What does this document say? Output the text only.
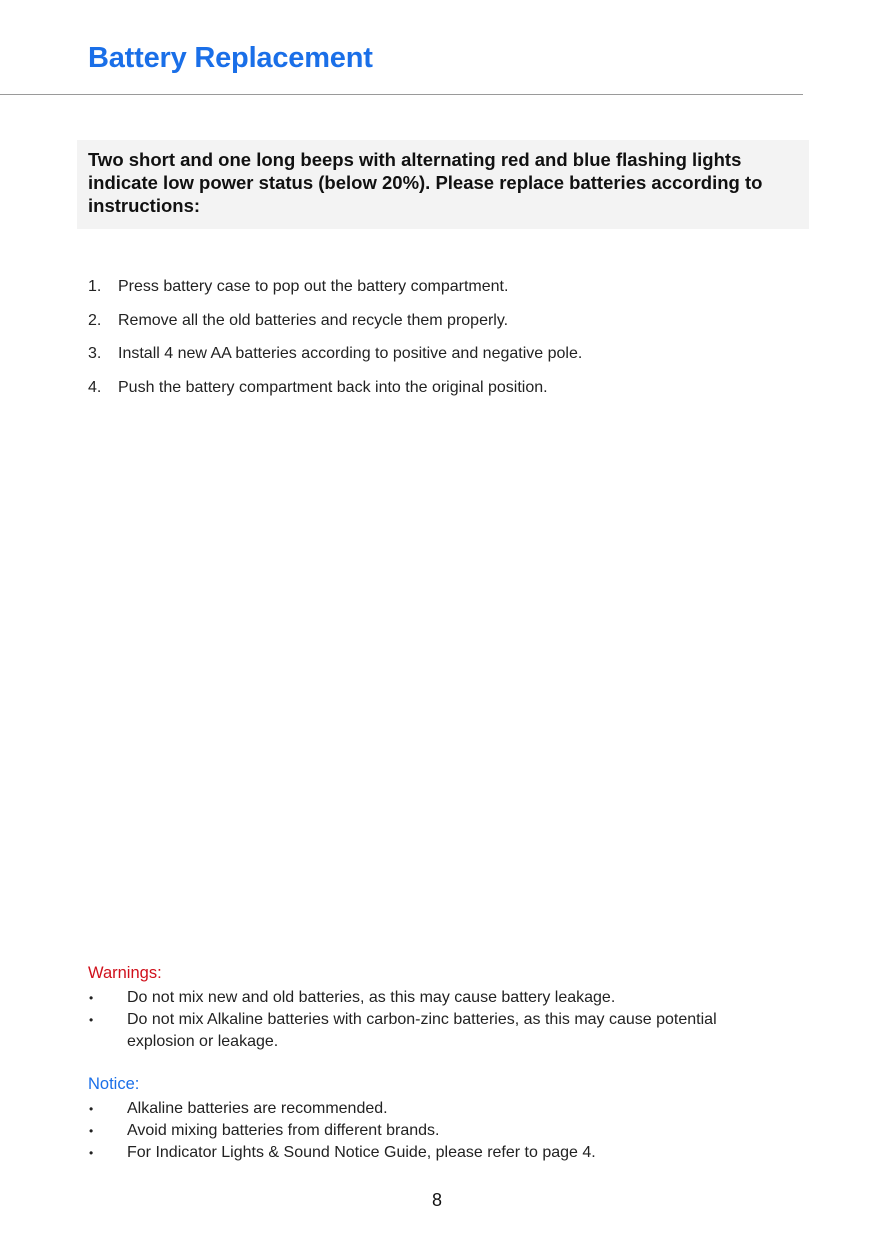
Battery Replacement
Two short and one long beeps with alternating red and blue flashing lights indicate low power status (below 20%). Please replace batteries according to instructions:
1.	Press battery case to pop out the battery compartment.
2.	Remove all the old batteries and recycle them properly.
3.	Install 4 new AA batteries according to positive and negative pole.
4.	Push the battery compartment back into the original position.
Warnings:
•	Do not mix new and old batteries, as this may cause battery leakage.
•	Do not mix Alkaline batteries with carbon-zinc batteries, as this may cause potential explosion or leakage.
Notice:
•	Alkaline batteries are recommended.
•	Avoid mixing batteries from different brands.
•	For Indicator Lights & Sound Notice Guide, please refer to page 4.
8
